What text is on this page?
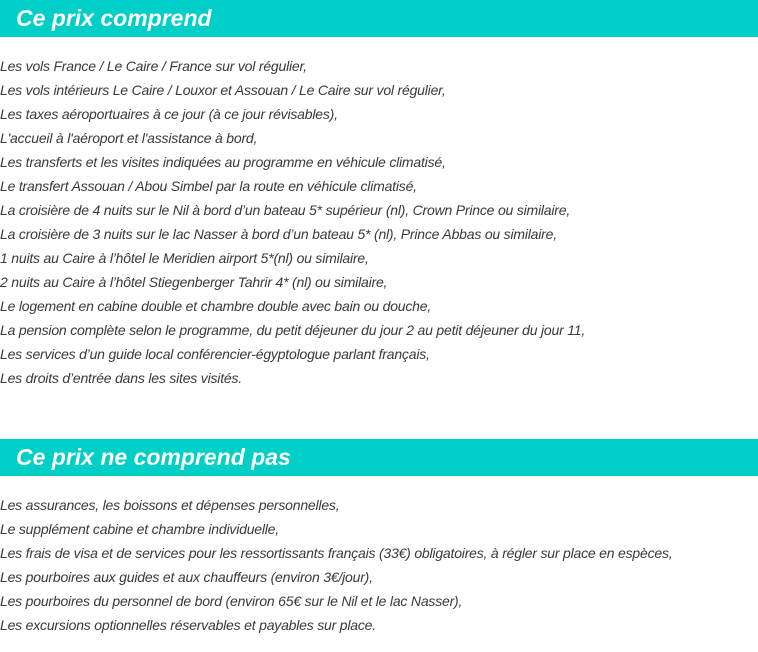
Ce prix comprend
Les vols France / Le Caire / France sur vol régulier,
Les vols intérieurs Le Caire / Louxor et Assouan / Le Caire sur vol régulier,
Les taxes aéroportuaires à ce jour (à ce jour révisables),
L'accueil à l'aéroport et l'assistance à bord,
Les transferts et les visites indiquées au programme en véhicule climatisé,
Le transfert Assouan / Abou Simbel par la route en véhicule climatisé,
La croisière de 4 nuits sur le Nil à bord d’un bateau 5* supérieur (nl), Crown Prince ou similaire,
La croisière de 3 nuits sur le lac Nasser à bord d’un bateau 5* (nl), Prince Abbas ou similaire,
1 nuits au Caire à l’hôtel le Meridien airport 5*(nl) ou similaire,
2 nuits au Caire à l’hôtel Stiegenberger Tahrir 4* (nl) ou similaire,
Le logement en cabine double et chambre double avec bain ou douche,
La pension complète selon le programme, du petit déjeuner du jour 2 au petit déjeuner du jour 11,
Les services d’un guide local conférencier-égyptologue parlant français,
Les droits d’entrée dans les sites visités.
Ce prix ne comprend pas
Les assurances, les boissons et dépenses personnelles,
Le supplément cabine et chambre individuelle,
Les frais de visa et de services pour les ressortissants français (33€) obligatoires, à régler sur place en espèces,
Les pourboires aux guides et aux chauffeurs (environ 3€/jour),
Les pourboires du personnel de bord (environ 65€ sur le Nil et le lac Nasser),
Les excursions optionnelles réservables et payables sur place.
